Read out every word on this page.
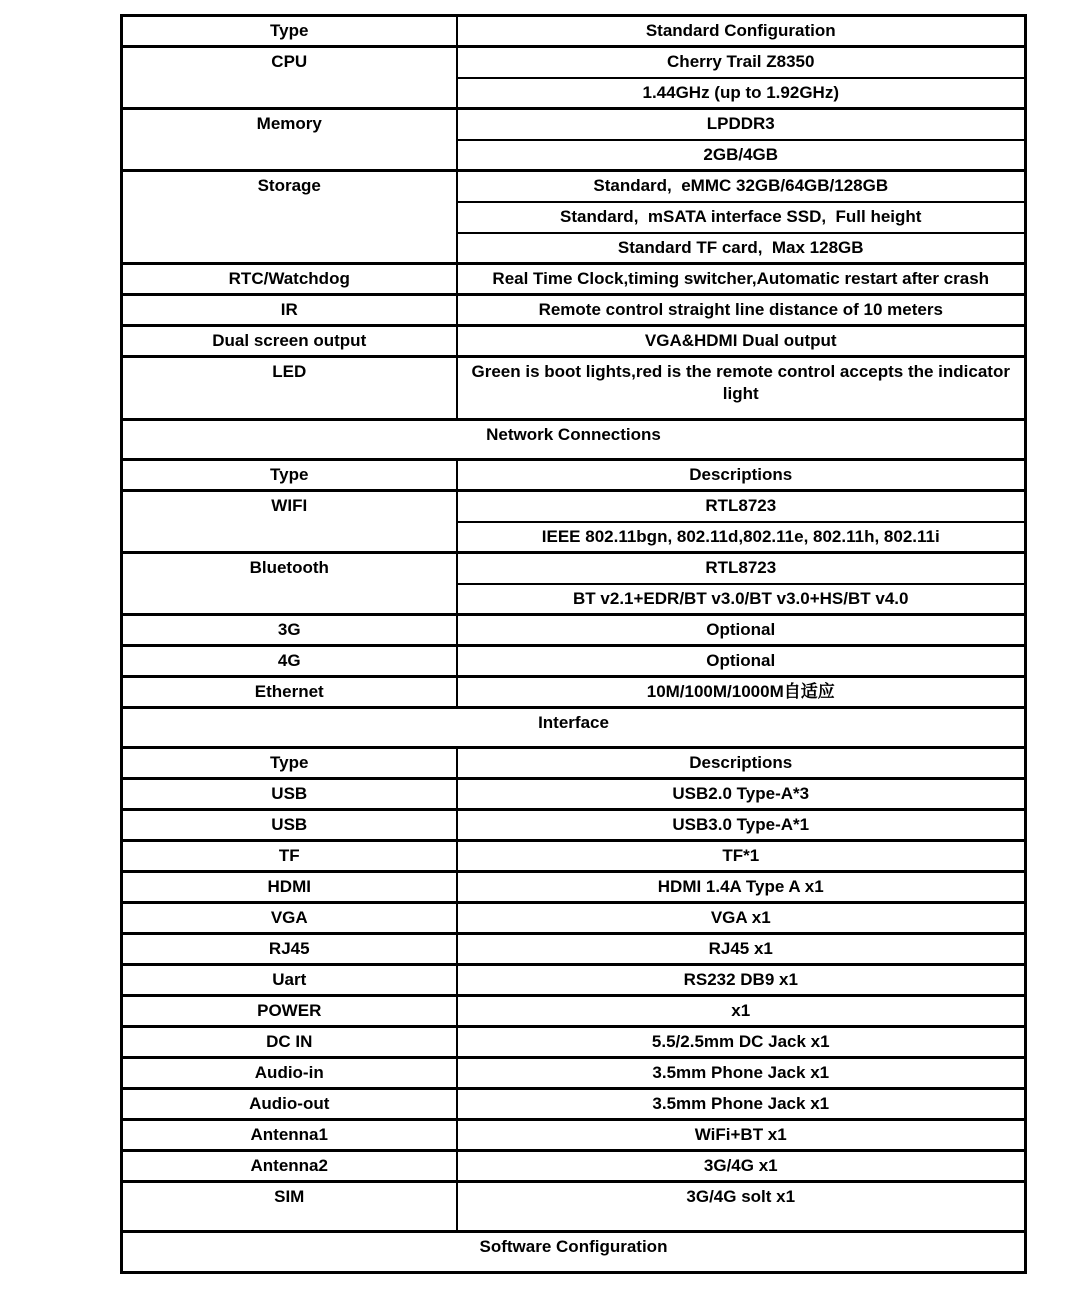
Type	Standard Configuration
CPU	Cherry Trail Z8350
	1.44GHz (up to 1.92GHz)
Memory	LPDDR3
	2GB/4GB
Storage	Standard,  eMMC 32GB/64GB/128GB
	Standard,  mSATA interface SSD,  Full height
	Standard TF card,  Max 128GB
RTC/Watchdog	Real Time Clock,timing switcher,Automatic restart after crash
IR	Remote control straight line distance of 10 meters
Dual screen output	VGA&HDMI Dual output
LED	Green is boot lights,red is the remote control accepts the indicator light
Network Connections	
Type	Descriptions
WIFI	RTL8723
	IEEE 802.11bgn, 802.11d,802.11e, 802.11h, 802.11i
Bluetooth	RTL8723
	BT v2.1+EDR/BT v3.0/BT v3.0+HS/BT v4.0
3G	Optional
4G	Optional
Ethernet	10M/100M/1000M自适应
Interface	
Type	Descriptions
USB	USB2.0 Type-A*3
USB	USB3.0 Type-A*1
TF	TF*1
HDMI	HDMI 1.4A Type A x1
VGA	VGA x1
RJ45	RJ45 x1
Uart	RS232 DB9 x1
POWER	x1
DC IN	5.5/2.5mm DC Jack x1
Audio-in	3.5mm Phone Jack x1
Audio-out	3.5mm Phone Jack x1
Antenna1	WiFi+BT x1
Antenna2	3G/4G x1
SIM	3G/4G solt x1
Software Configuration	
